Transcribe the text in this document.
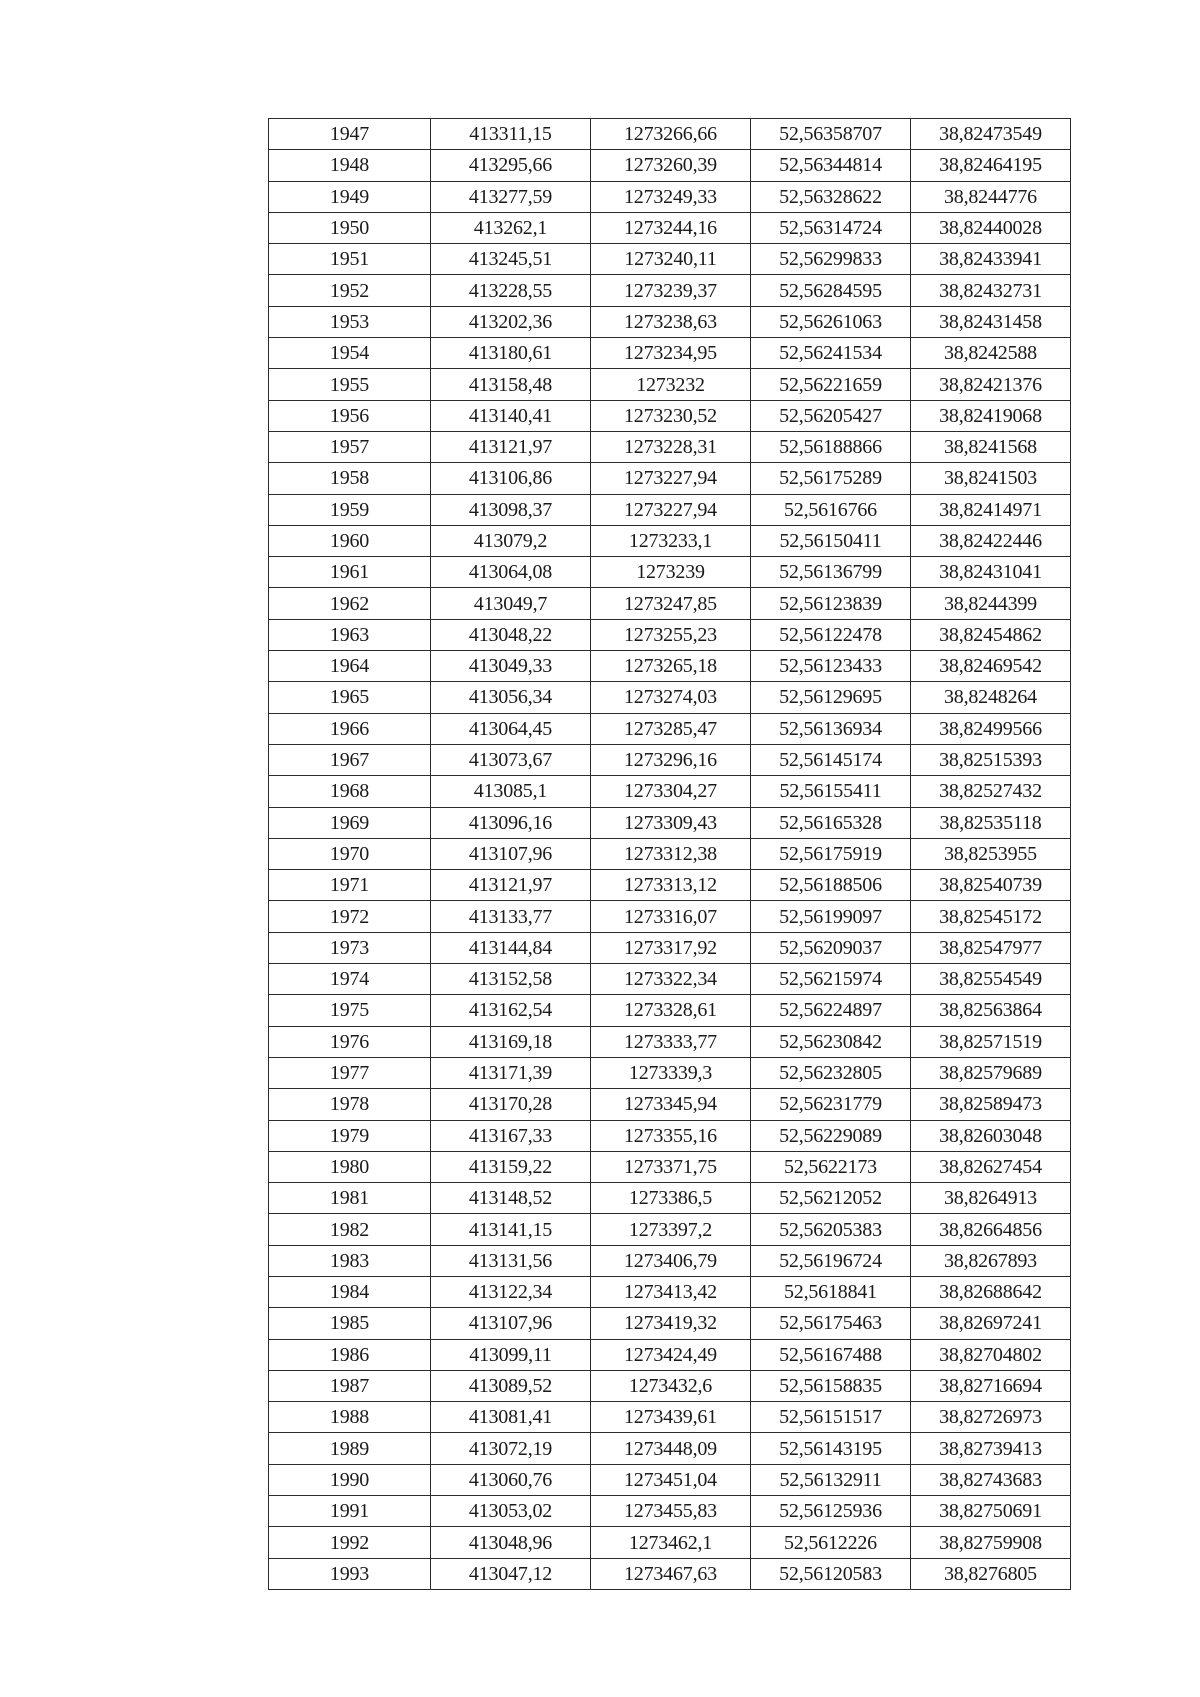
1947	413311,15	1273266,66	52,56358707	38,82473549
1948	413295,66	1273260,39	52,56344814	38,82464195
1949	413277,59	1273249,33	52,56328622	38,8244776
1950	413262,1	1273244,16	52,56314724	38,82440028
1951	413245,51	1273240,11	52,56299833	38,82433941
1952	413228,55	1273239,37	52,56284595	38,82432731
1953	413202,36	1273238,63	52,56261063	38,82431458
1954	413180,61	1273234,95	52,56241534	38,8242588
1955	413158,48	1273232	52,56221659	38,82421376
1956	413140,41	1273230,52	52,56205427	38,82419068
1957	413121,97	1273228,31	52,56188866	38,8241568
1958	413106,86	1273227,94	52,56175289	38,8241503
1959	413098,37	1273227,94	52,5616766	38,82414971
1960	413079,2	1273233,1	52,56150411	38,82422446
1961	413064,08	1273239	52,56136799	38,82431041
1962	413049,7	1273247,85	52,56123839	38,8244399
1963	413048,22	1273255,23	52,56122478	38,82454862
1964	413049,33	1273265,18	52,56123433	38,82469542
1965	413056,34	1273274,03	52,56129695	38,8248264
1966	413064,45	1273285,47	52,56136934	38,82499566
1967	413073,67	1273296,16	52,56145174	38,82515393
1968	413085,1	1273304,27	52,56155411	38,82527432
1969	413096,16	1273309,43	52,56165328	38,82535118
1970	413107,96	1273312,38	52,56175919	38,8253955
1971	413121,97	1273313,12	52,56188506	38,82540739
1972	413133,77	1273316,07	52,56199097	38,82545172
1973	413144,84	1273317,92	52,56209037	38,82547977
1974	413152,58	1273322,34	52,56215974	38,82554549
1975	413162,54	1273328,61	52,56224897	38,82563864
1976	413169,18	1273333,77	52,56230842	38,82571519
1977	413171,39	1273339,3	52,56232805	38,82579689
1978	413170,28	1273345,94	52,56231779	38,82589473
1979	413167,33	1273355,16	52,56229089	38,82603048
1980	413159,22	1273371,75	52,5622173	38,82627454
1981	413148,52	1273386,5	52,56212052	38,8264913
1982	413141,15	1273397,2	52,56205383	38,82664856
1983	413131,56	1273406,79	52,56196724	38,8267893
1984	413122,34	1273413,42	52,5618841	38,82688642
1985	413107,96	1273419,32	52,56175463	38,82697241
1986	413099,11	1273424,49	52,56167488	38,82704802
1987	413089,52	1273432,6	52,56158835	38,82716694
1988	413081,41	1273439,61	52,56151517	38,82726973
1989	413072,19	1273448,09	52,56143195	38,82739413
1990	413060,76	1273451,04	52,56132911	38,82743683
1991	413053,02	1273455,83	52,56125936	38,82750691
1992	413048,96	1273462,1	52,5612226	38,82759908
1993	413047,12	1273467,63	52,56120583	38,8276805
